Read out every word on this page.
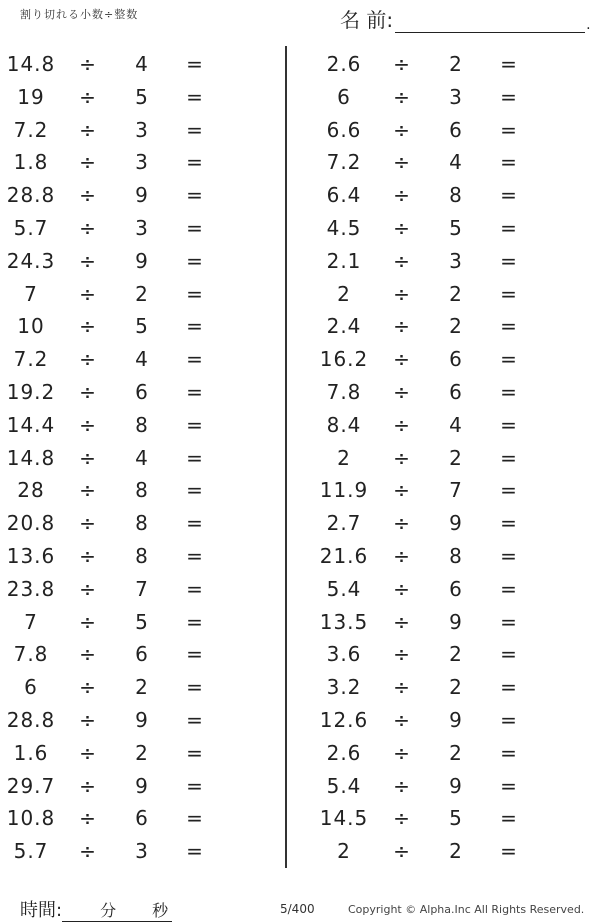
割り切れる小数÷整数	名 前:	.
14.8	÷ 4 =
19	÷ 5 =
7.2	÷ 3 =
1.8	÷ 3 =
28.8	÷ 9 =
5.7	÷ 3 =
24.3	÷ 9 =
7	÷ 2 =
10	÷ 5 =
7.2	÷ 4 =
19.2	÷ 6 =
14.4	÷ 8 =
14.8	÷ 4 =
28	÷ 8 =
20.8	÷ 8 =
13.6	÷ 8 =
23.8	÷ 7 =
7	÷ 5 =
7.8	÷ 6 =
6	÷ 2 =
28.8	÷ 9 =
1.6	÷ 2 =
29.7	÷ 9 =
10.8	÷ 6 =
5.7	÷ 3 =
2.6	÷ 2 =
6	÷ 3 =
6.6	÷ 6 =
7.2	÷ 4 =
6.4	÷ 8 =
4.5	÷ 5 =
2.1	÷ 3 =
2	÷ 2 =
2.4	÷ 2 =
16.2	÷ 6 =
7.8	÷ 6 =
8.4	÷ 4 =
2	÷ 2 =
11.9	÷ 7 =
2.7	÷ 9 =
21.6	÷ 8 =
5.4	÷ 6 =
13.5	÷ 9 =
3.6	÷ 2 =
3.2	÷ 2 =
12.6	÷ 9 =
2.6	÷ 2 =
5.4	÷ 9 =
14.5	÷ 5 =
2	÷ 2 =
時間: 分 秒	5/400	Copyright © Alpha.Inc All Rights Reserved.
